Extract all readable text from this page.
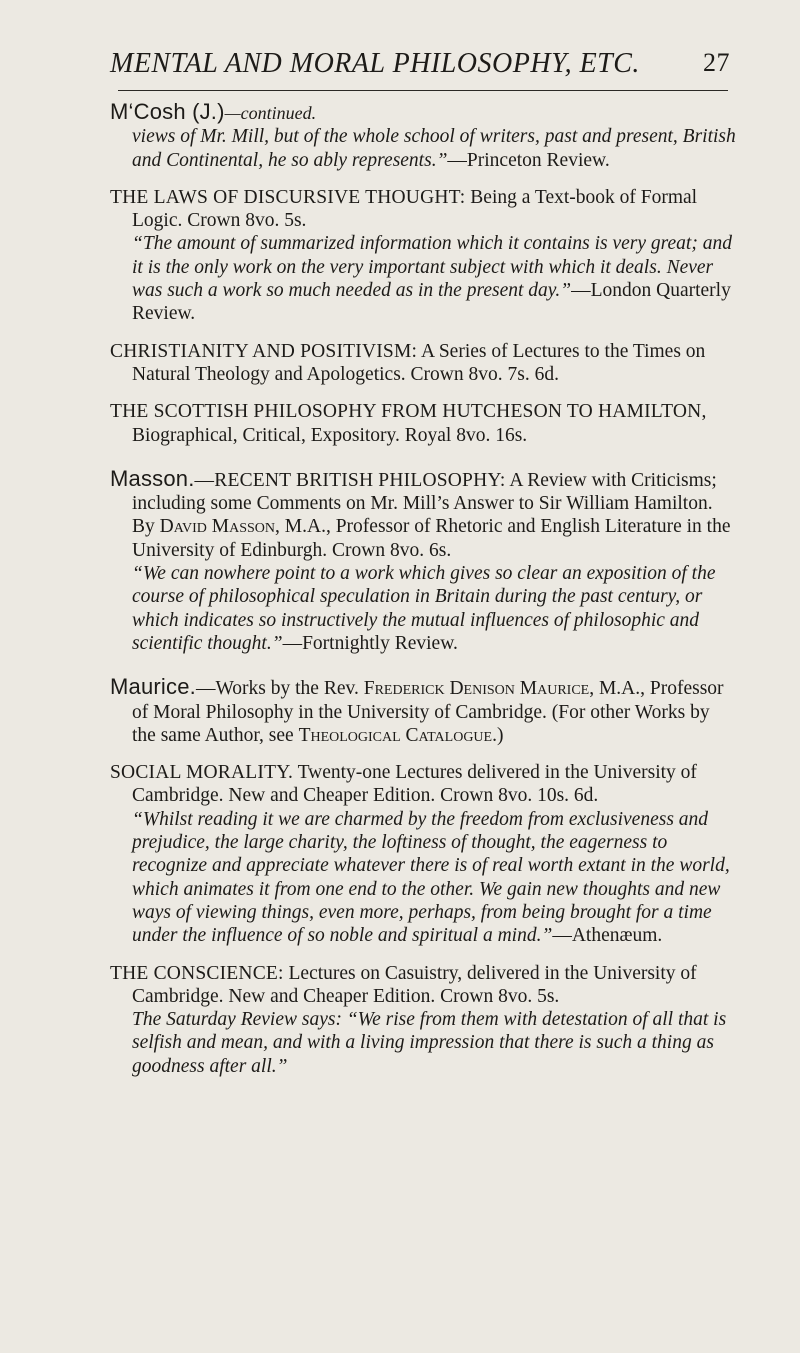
MENTAL AND MORAL PHILOSOPHY, ETC. 27

M‘Cosh (J.)—continued.

views of Mr. Mill, but of the whole school of writers, past and present, British and Continental, he so ably represents.”—Princeton Review.

THE LAWS OF DISCURSIVE THOUGHT: Being a Text-book of Formal Logic. Crown 8vo. 5s.

“The amount of summarized information which it contains is very great; and it is the only work on the very important subject with which it deals. Never was such a work so much needed as in the present day.”—London Quarterly Review.

CHRISTIANITY AND POSITIVISM: A Series of Lectures to the Times on Natural Theology and Apologetics. Crown 8vo. 7s. 6d.

THE SCOTTISH PHILOSOPHY FROM HUTCHESON TO HAMILTON, Biographical, Critical, Expository. Royal 8vo. 16s.

Masson.—RECENT BRITISH PHILOSOPHY: A Review with Criticisms; including some Comments on Mr. Mill’s Answer to Sir William Hamilton. By David Masson, M.A., Professor of Rhetoric and English Literature in the University of Edinburgh. Crown 8vo. 6s.

“We can nowhere point to a work which gives so clear an exposition of the course of philosophical speculation in Britain during the past century, or which indicates so instructively the mutual influences of philosophic and scientific thought.”—Fortnightly Review.

Maurice.—Works by the Rev. Frederick Denison Maurice, M.A., Professor of Moral Philosophy in the University of Cambridge. (For other Works by the same Author, see Theological Catalogue.)

SOCIAL MORALITY. Twenty-one Lectures delivered in the University of Cambridge. New and Cheaper Edition. Crown 8vo. 10s. 6d.

“Whilst reading it we are charmed by the freedom from exclusiveness and prejudice, the large charity, the loftiness of thought, the eagerness to recognize and appreciate whatever there is of real worth extant in the world, which animates it from one end to the other. We gain new thoughts and new ways of viewing things, even more, perhaps, from being brought for a time under the influence of so noble and spiritual a mind.”—Athenæum.

THE CONSCIENCE: Lectures on Casuistry, delivered in the University of Cambridge. New and Cheaper Edition. Crown 8vo. 5s.

The Saturday Review says: “We rise from them with detestation of all that is selfish and mean, and with a living impression that there is such a thing as goodness after all.”
